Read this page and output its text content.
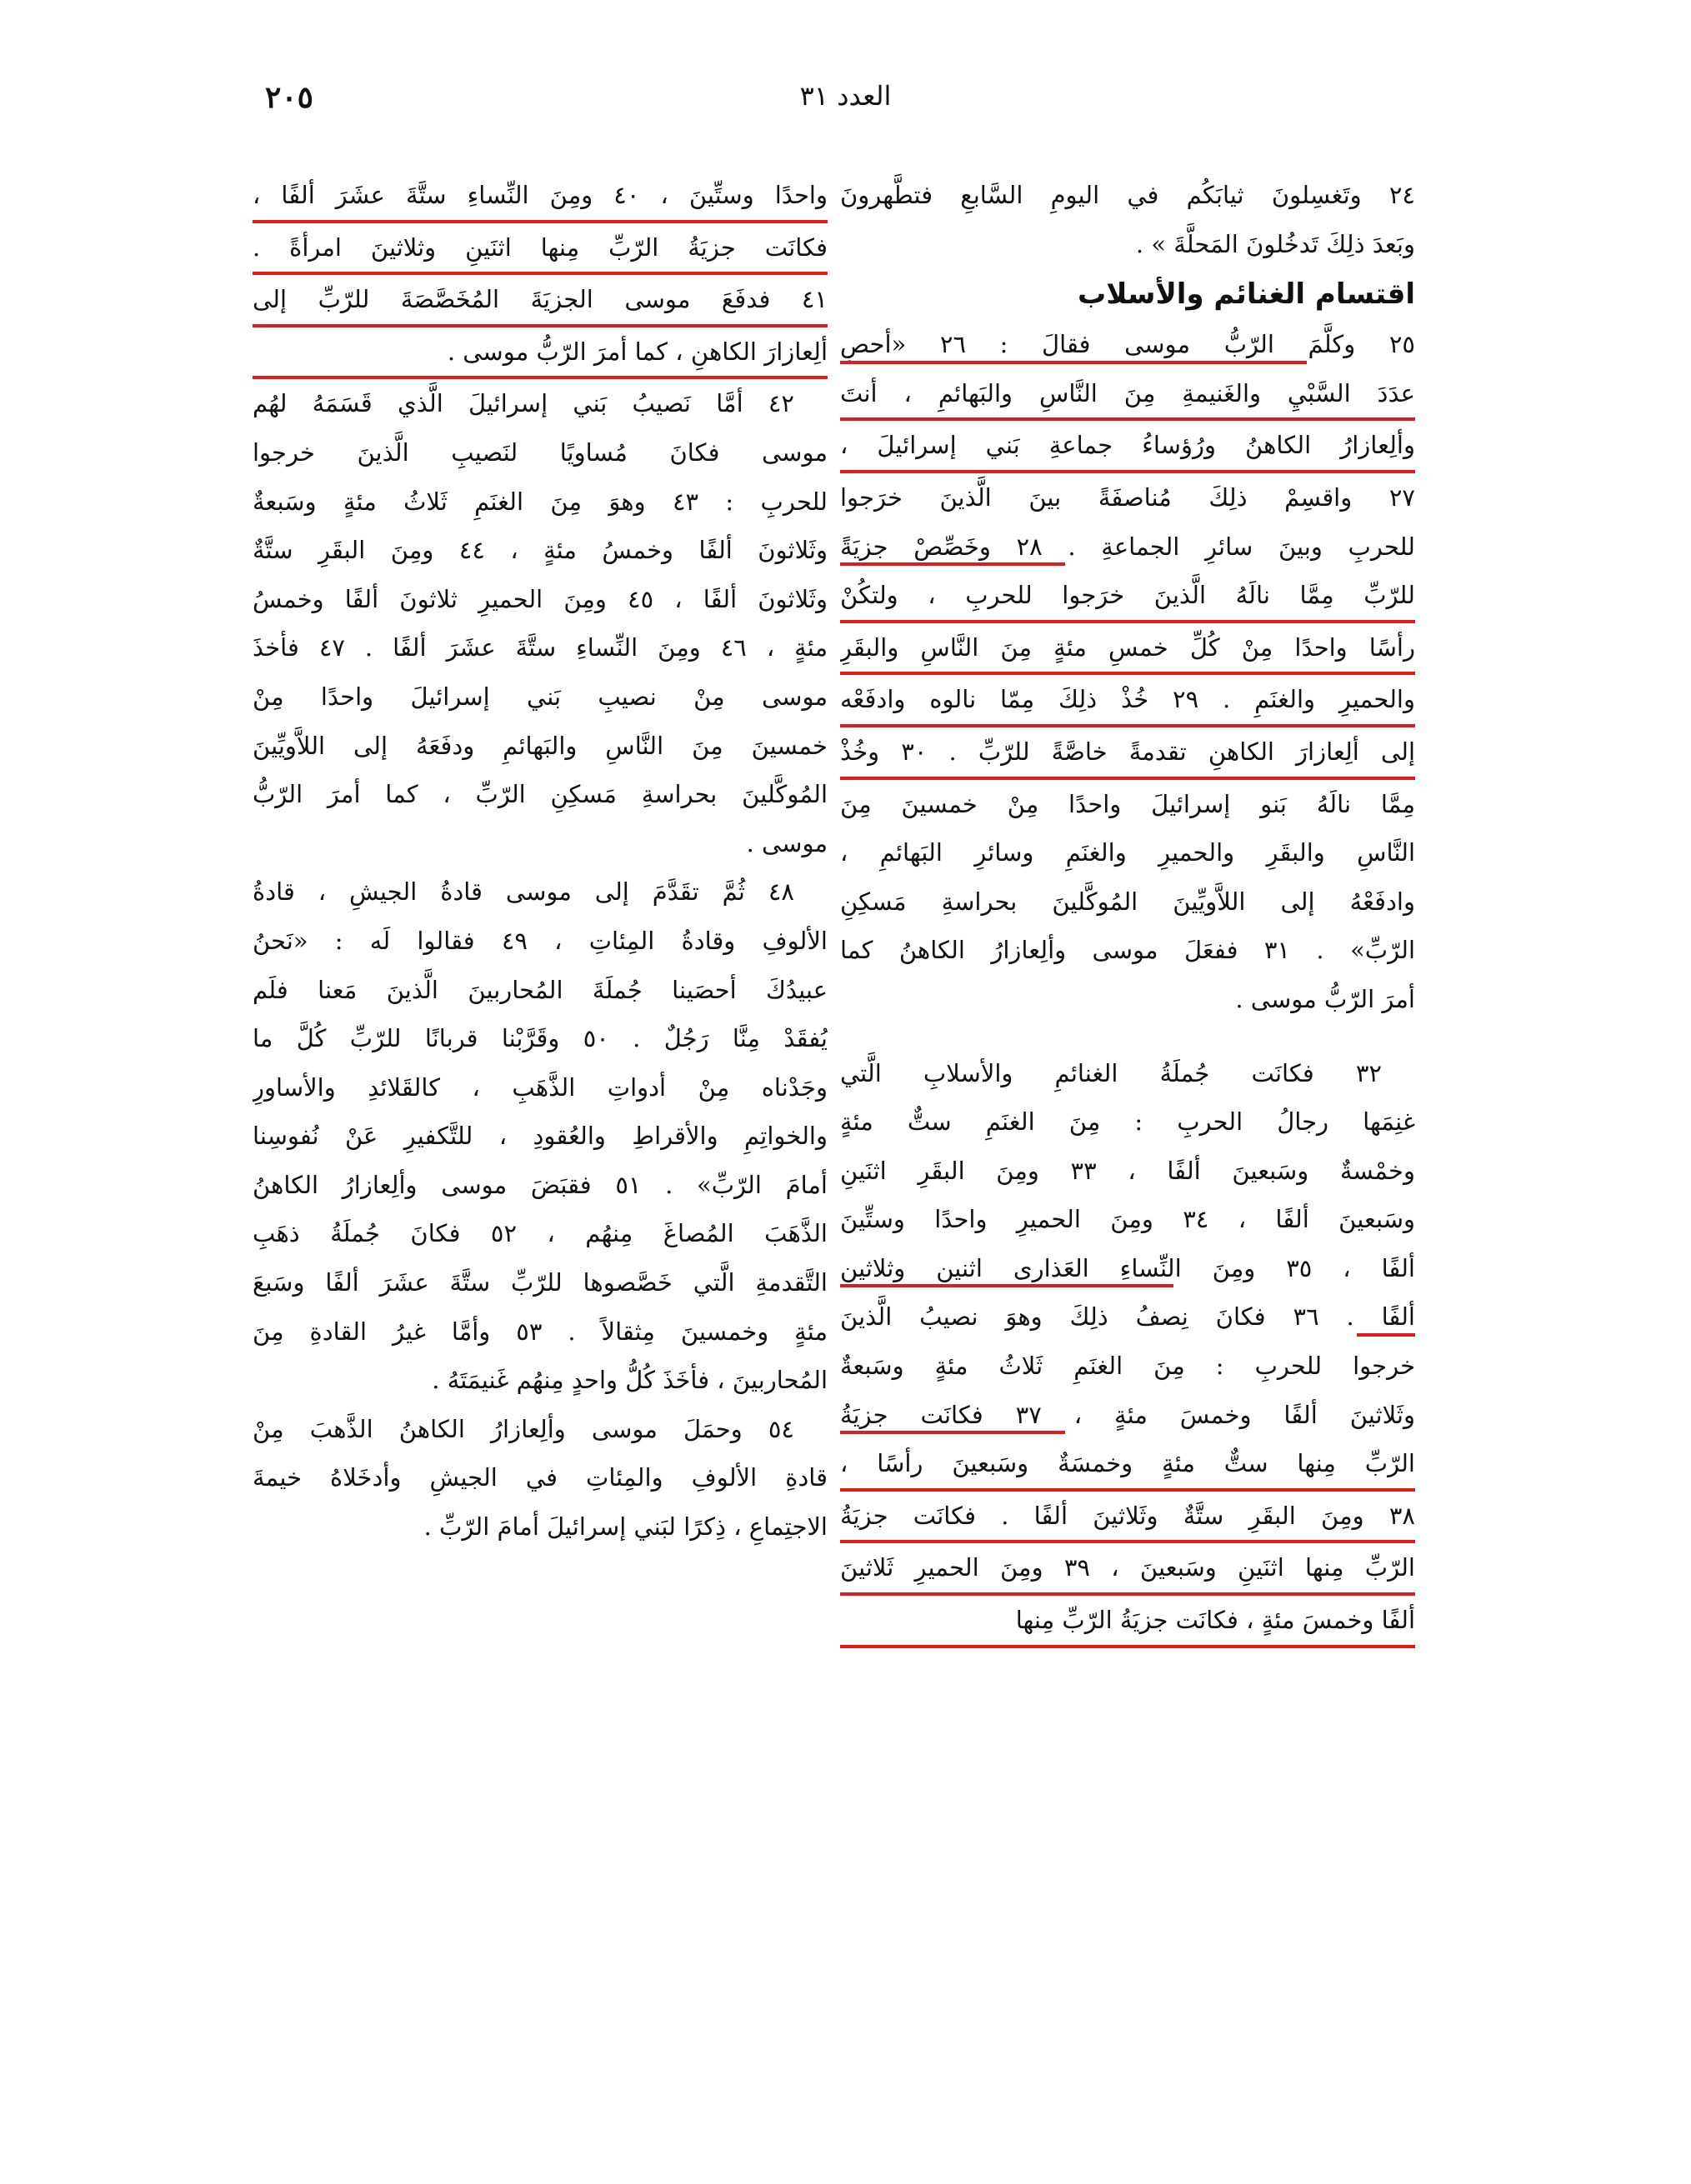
العدد ٣١
٢٠٥
٢٤ وتَغسِلونَ ثيابَكُم في اليومِ السَّابعِ فتطَّهرونَ
وبَعدَ ذلِكَ تَدخُلونَ المَحلَّةَ » .
اقتسام الغنائم والأسلاب
٢٥ وكلَّمَ الرّبُّ موسى فقالَ : ٢٦ «أحصِ
عدَدَ السَّبْيِ والغَنيمةِ مِنَ النَّاسِ والبَهائمِ ، أنتَ
وألِعازارُ الكاهنُ ورُؤساءُ جماعةِ بَني إسرائيلَ ،
٢٧ واقسِمْ ذلِكَ مُناصفَةً بينَ الَّذينَ خرَجوا
للحربِ وبينَ سائرِ الجماعةِ . ٢٨ وخَصِّصْ جزيَةً
للرّبِّ مِمَّا نالَهُ الَّذينَ خرَجوا للحربِ ، ولتكُنْ
رأسًا واحدًا مِنْ كُلِّ خمسِ مئةٍ مِنَ النَّاسِ والبقَرِ
والحميرِ والغنَمِ . ٢٩ خُذْ ذلِكَ مِمّا نالوه وادفَعْه
إلى ألِعازارَ الكاهنِ تقدمةً خاصَّةً للرّبِّ . ٣٠ وخُذْ
مِمَّا نالَهُ بَنو إسرائيلَ واحدًا مِنْ خمسينَ مِنَ
النَّاسِ والبقَرِ والحميرِ والغنَمِ وسائرِ البَهائمِ ،
وادفَعْهُ إلى اللاَّويِّينَ المُوكَّلينَ بحراسةِ مَسكِنِ
الرّبِّ» . ٣١ ففعَلَ موسى وألِعازارُ الكاهنُ كما
أمرَ الرّبُّ موسى .
٣٢ فكانَت جُملَةُ الغنائمِ والأسلابِ الَّتي
غنِمَها رجالُ الحربِ : مِنَ الغنَمِ ستٌّ مئةٍ
وخمْسةٌ وسَبعينَ ألفًا ، ٣٣ ومِنَ البقَرِ اثنَينِ
وسَبعينَ ألفًا ، ٣٤ ومِنَ الحميرِ واحدًا وستِّينَ
ألفًا ، ٣٥ ومِنَ النِّساءِ العَذارى اثنينِ وثلاثينِ
ألفًا . ٣٦ فكانَ نِصفُ ذلِكَ وهوَ نصيبُ الَّذينَ
خرجوا للحربِ : مِنَ الغنَمِ ثَلاثُ مئةٍ وسَبعةٌ
وثَلاثينَ ألفًا وخمسَ مئةٍ ، ٣٧ فكانَت جزيَةُ
الرّبِّ مِنها ستٌّ مئةٍ وخمسَةٌ وسَبعينَ رأسًا ،
٣٨ ومِنَ البقَرِ ستَّةٌ وثَلاثينَ ألفًا . فكانَت جزيَةُ
الرّبِّ مِنها اثنَينِ وسَبعينَ ، ٣٩ ومِنَ الحميرِ ثَلاثينَ
ألفًا وخمسَ مئةٍ ، فكانَت جزيَةُ الرّبِّ مِنها
واحدًا وستِّينَ ، ٤٠ ومِنَ النِّساءِ ستَّةَ عشَرَ ألفًا ،
فكانَت جزيَةُ الرّبِّ مِنها اثنَينِ وثلاثينَ امرأةً .
٤١ فدفَعَ موسى الجزيَةَ المُخَصَّصَةَ للرّبِّ إلى
ألِعازارَ الكاهنِ ، كما أمرَ الرّبُّ موسى .
٤٢ أمَّا نَصيبُ بَني إسرائيلَ الَّذي قَسَمَهُ لهُم
موسى فكانَ مُساويًا لنَصيبِ الَّذينَ خرجوا
للحربِ : ٤٣ وهوَ مِنَ الغنَمِ ثَلاثُ مئةٍ وسَبعةٌ
وثَلاثونَ ألفًا وخمسُ مئةٍ ، ٤٤ ومِنَ البقَرِ ستَّةٌ
وثَلاثونَ ألفًا ، ٤٥ ومِنَ الحميرِ ثلاثونَ ألفًا وخمسُ
مئةٍ ، ٤٦ ومِنَ النِّساءِ ستَّةَ عشَرَ ألفًا . ٤٧ فأخذَ
موسى مِنْ نصيبِ بَني إسرائيلَ واحدًا مِنْ
خمسينَ مِنَ النَّاسِ والبَهائمِ ودفَعَهُ إلى اللاَّويِّينَ
المُوكَّلينَ بحراسةِ مَسكِنِ الرّبِّ ، كما أمرَ الرّبُّ
موسى .
٤٨ ثُمَّ تقَدَّمَ إلى موسى قادةُ الجيشِ ، قادةُ
الألوفِ وقادةُ المِئاتِ ، ٤٩ فقالوا لَه : «نَحنُ
عبيدُكَ أحصَينا جُملَةَ المُحاربينَ الَّذينَ مَعنا فلَم
يُفقَدْ مِنَّا رَجُلٌ . ٥٠ وقَرَّبْنا قربانًا للرّبِّ كُلَّ ما
وجَدْناه مِنْ أدواتِ الذَّهَبِ ، كالقَلائدِ والأساورِ
والخواتِمِ والأقراطِ والعُقودِ ، للتَّكفيرِ عَنْ نُفوسِنا
أمامَ الرّبِّ» . ٥١ فقبَضَ موسى وألِعازارُ الكاهنُ
الذَّهَبَ المُصاغَ مِنهُم ، ٥٢ فكانَ جُملَةُ ذهَبِ
التَّقدمةِ الَّتي خَصَّصوها للرّبِّ ستَّةَ عشَرَ ألفًا وسَبعَ
مئةٍ وخمسينَ مِثقالاً . ٥٣ وأمَّا غيرُ القادةِ مِنَ
المُحاربينَ ، فأخَذَ كُلُّ واحدٍ مِنهُم غَنيمَتَهُ .
٥٤ وحمَلَ موسى وألِعازارُ الكاهنُ الذَّهبَ مِنْ
قادةِ الألوفِ والمِئاتِ في الجيشِ وأدخَلاهُ خيمةَ
الاجتِماعِ ، ذِكرًا لبَني إسرائيلَ أمامَ الرّبِّ .
